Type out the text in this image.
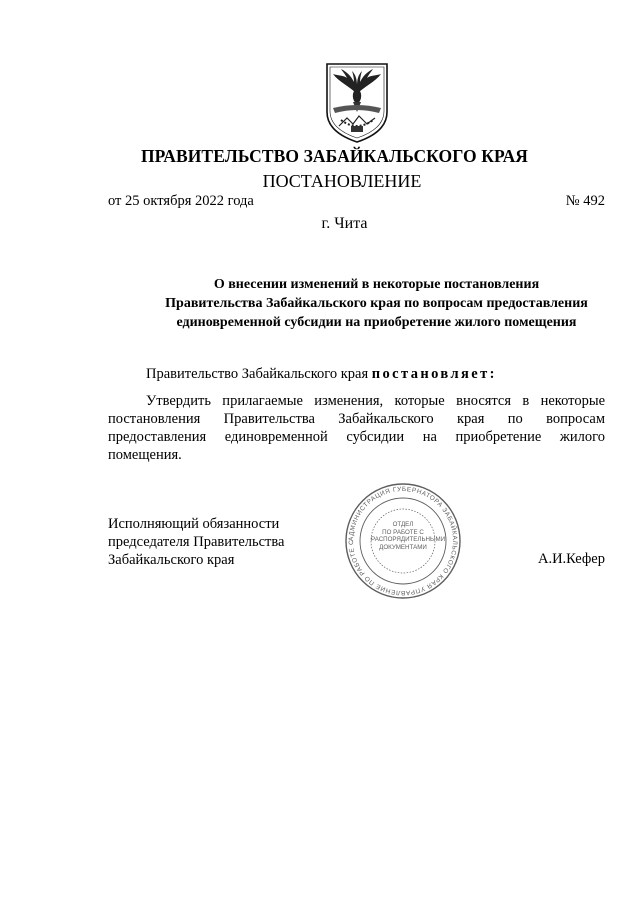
ПРАВИТЕЛЬСТВО ЗАБАЙКАЛЬСКОГО КРАЯ
ПОСТАНОВЛЕНИЕ
от 25 октября 2022 года	№ 492
г. Чита
О внесении изменений в некоторые постановления
Правительства Забайкальского края по вопросам предоставления
единовременной субсидии на приобретение жилого помещения
Правительство Забайкальского края постановляет:
Утвердить прилагаемые изменения, которые вносятся в некоторые постановления Правительства Забайкальского края по вопросам предоставления единовременной субсидии на приобретение жилого помещения.
Исполняющий обязанности
председателя Правительства
Забайкальского края	А.И.Кефер
АДМИНИСТРАЦИЯ ГУБЕРНАТОРА ЗАБАЙКАЛЬСКОГО КРАЯ УПРАВЛЕНИЕ ПО РАБОТЕ С
ОТДЕЛ
ПО РАБОТЕ С
РАСПОРЯДИТЕЛЬНЫМИ
ДОКУМЕНТАМИ
